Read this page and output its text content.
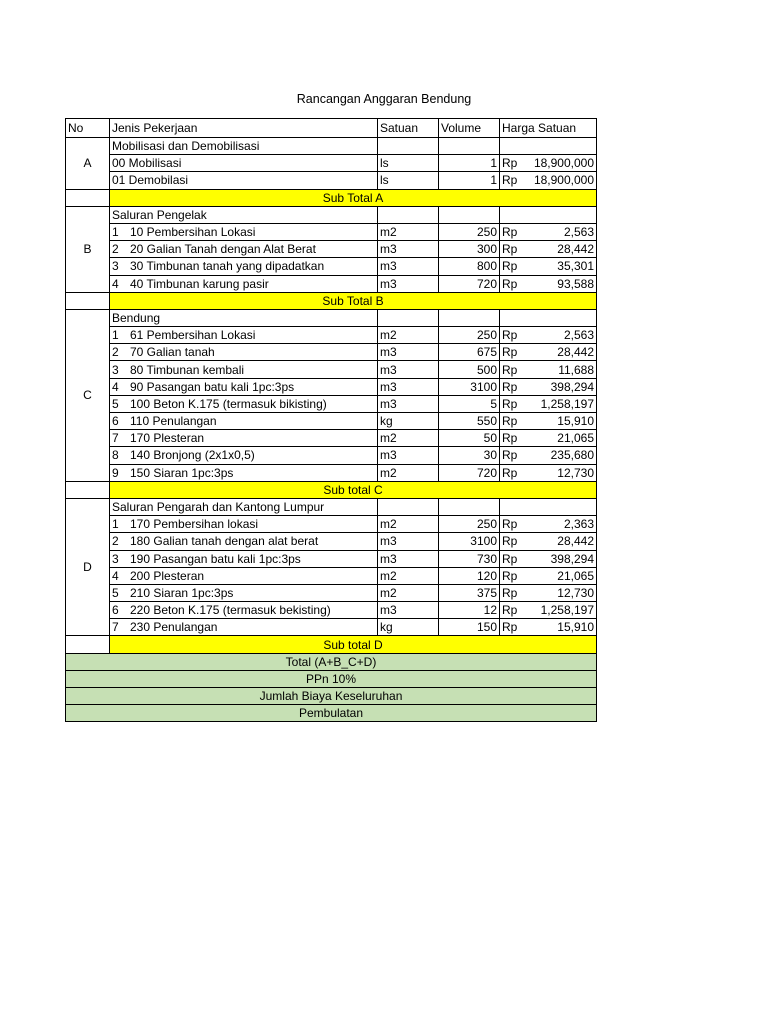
Rancangan Anggaran Bendung
No	Jenis Pekerjaan	Satuan	Volume	Harga Satuan
A	Mobilisasi dan Demobilisasi			
	00 Mobilisasi	ls	1	Rp 18,900,000

	01 Demobilasi	ls	1	Rp 18,900,000

	Sub Total A			
B	Saluran Pengelak			
	1 10 Pembersihan Lokasi	m2	250	Rp 2,563

	2 20 Galian Tanah dengan Alat Berat	m3	300	Rp 28,442

	3 30 Timbunan tanah yang dipadatkan	m3	800	Rp 35,301

	4 40 Timbunan karung pasir	m3	720	Rp 93,588

	Sub Total B			
C	Bendung			
	1 61 Pembersihan Lokasi	m2	250	Rp 2,563

	2 70 Galian tanah	m3	675	Rp 28,442

	3 80 Timbunan kembali	m3	500	Rp 11,688

	4 90 Pasangan batu kali 1pc:3ps	m3	3100	Rp 398,294

	5 100 Beton K.175 (termasuk bikisting)	m3	5	Rp 1,258,197

	6 110 Penulangan	kg	550	Rp 15,910

	7 170 Plesteran	m2	50	Rp 21,065

	8 140 Bronjong (2x1x0,5)	m3	30	Rp 235,680

	9 150 Siaran 1pc:3ps	m2	720	Rp 12,730

	Sub total C			
D	Saluran Pengarah dan Kantong Lumpur			
	1 170 Pembersihan lokasi	m2	250	Rp 2,363

	2 180 Galian tanah dengan alat berat	m3	3100	Rp 28,442

	3 190 Pasangan batu kali 1pc:3ps	m3	730	Rp 398,294

	4 200 Plesteran	m2	120	Rp 21,065

	5 210 Siaran 1pc:3ps	m2	375	Rp 12,730

	6 220 Beton K.175 (termasuk bekisting)	m3	12	Rp 1,258,197

	7 230 Penulangan	kg	150	Rp 15,910

	Sub total D			
Total (A+B_C+D)				
PPn 10%				
Jumlah Biaya Keseluruhan				
Pembulatan				
